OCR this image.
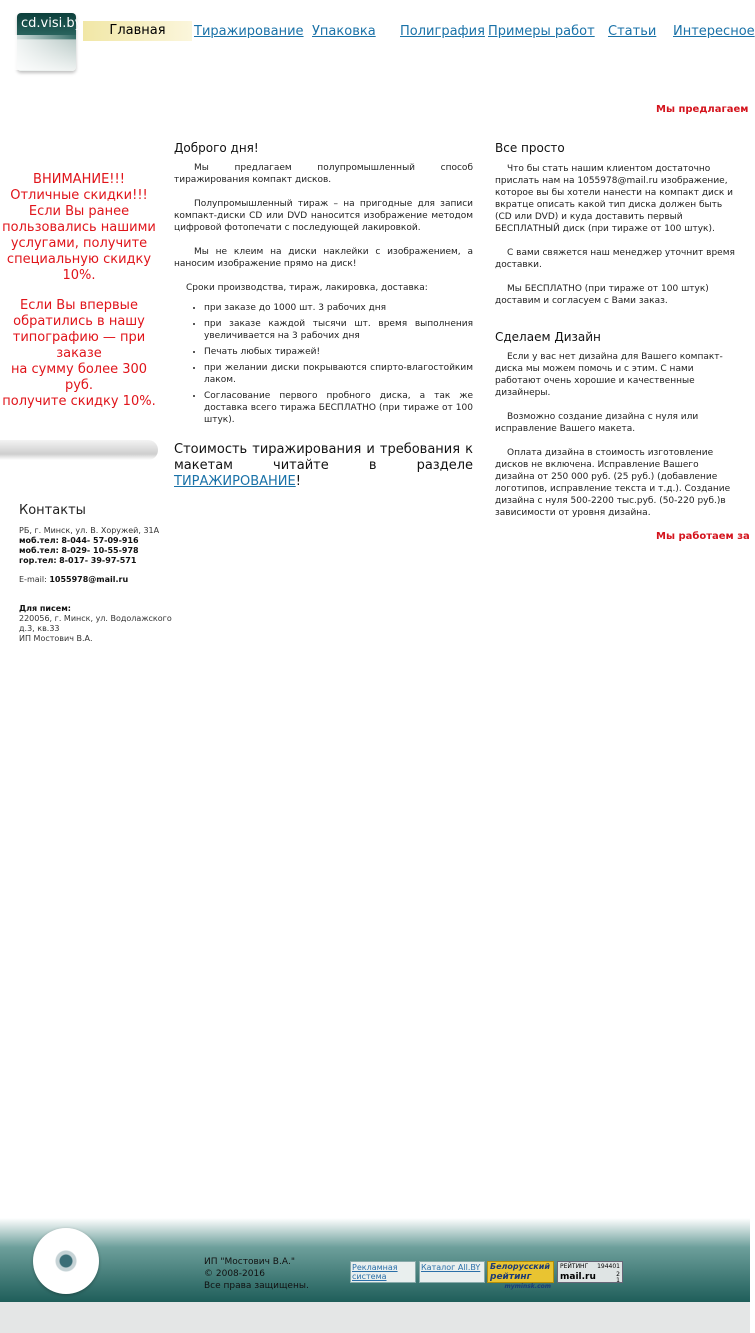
cd.visi.by	Главная	Тиражирование Упаковка Полиграфия Примеры работ Статьи Интересное
Мы предлагаем
ВНИМАНИЕ!!!
Отличные скидки!!!
Если Вы ранее
пользовались нашими
услугами, получите
специальную скидку 10%.
Если Вы впервые
обратились в нашу
типографию — при заказе
на сумму более 300 руб.
получите скидку 10%.
Контакты
РБ, г. Минск, ул. В. Хоружей, 31А
моб.тел: 8-044- 57-09-916
моб.тел: 8-029- 10-55-978
гор.тел: 8-017- 39-97-571
E-mail: 1055978@mail.ru
Для писем:
220056, г. Минск, ул. Водолажского
д.3, кв.33
ИП Мостович В.А.
Доброго дня!

Мы предлагаем полупромышленный способ тиражирования компакт дисков.

Полупромышленный тираж – на пригодные для записи компакт-диски CD или DVD наносится изображение методом цифровой фотопечати с последующей лакировкой.

Мы не клеим на диски наклейки с изображением, а наносим изображение прямо на диск!

Сроки производства, тираж, лакировка, доставка:

• при заказе до 1000 шт. 3 рабочих дня
• при заказе каждой тысячи шт. время выполнения увеличивается на 3 рабочих дня
• Печать любых тиражей!
• при желании диски покрываются спирто-влагостойким лаком.
• Согласование первого пробного диска, а так же доставка всего тиража БЕСПЛАТНО (при тираже от 100 штук).
Стоимость тиражирования и требования к макетам читайте в разделе ТИРАЖИРОВАНИЕ!
Все просто

Что бы стать нашим клиентом достаточно прислать нам на 1055978@mail.ru изображение, которое вы бы хотели нанести на компакт диск и вкратце описать какой тип диска должен быть (CD или DVD) и куда доставить первый БЕСПЛАТНЫЙ диск (при тираже от 100 штук).

С вами свяжется наш менеджер уточнит время доставки.

Мы БЕСПЛАТНО (при тираже от 100 штук) доставим и согласуем с Вами заказ.

Сделаем Дизайн

Если у вас нет дизайна для Вашего компакт-диска мы можем помочь и с этим. С нами работают очень хорошие и качественные дизайнеры.

Возможно создание дизайна с нуля или исправление Вашего макета.

Оплата дизайна в стоимость изготовление дисков не включена. Исправление Вашего дизайна от 250 000 руб. (25 руб.) (добавление логотипов, исправление текста и т.д.). Создание дизайна с нуля 500-2200 тыс.руб. (50-220 руб.)в зависимости от уровня дизайна.

Мы работаем за
ИП "Мостович В.А."
© 2008-2016
Все права защищены.
Рекламная система
Каталог All.BY	Белорусский
рейтинг
myminsk.com
РЕЙТИНГ 194401
mail.ru	2
1
